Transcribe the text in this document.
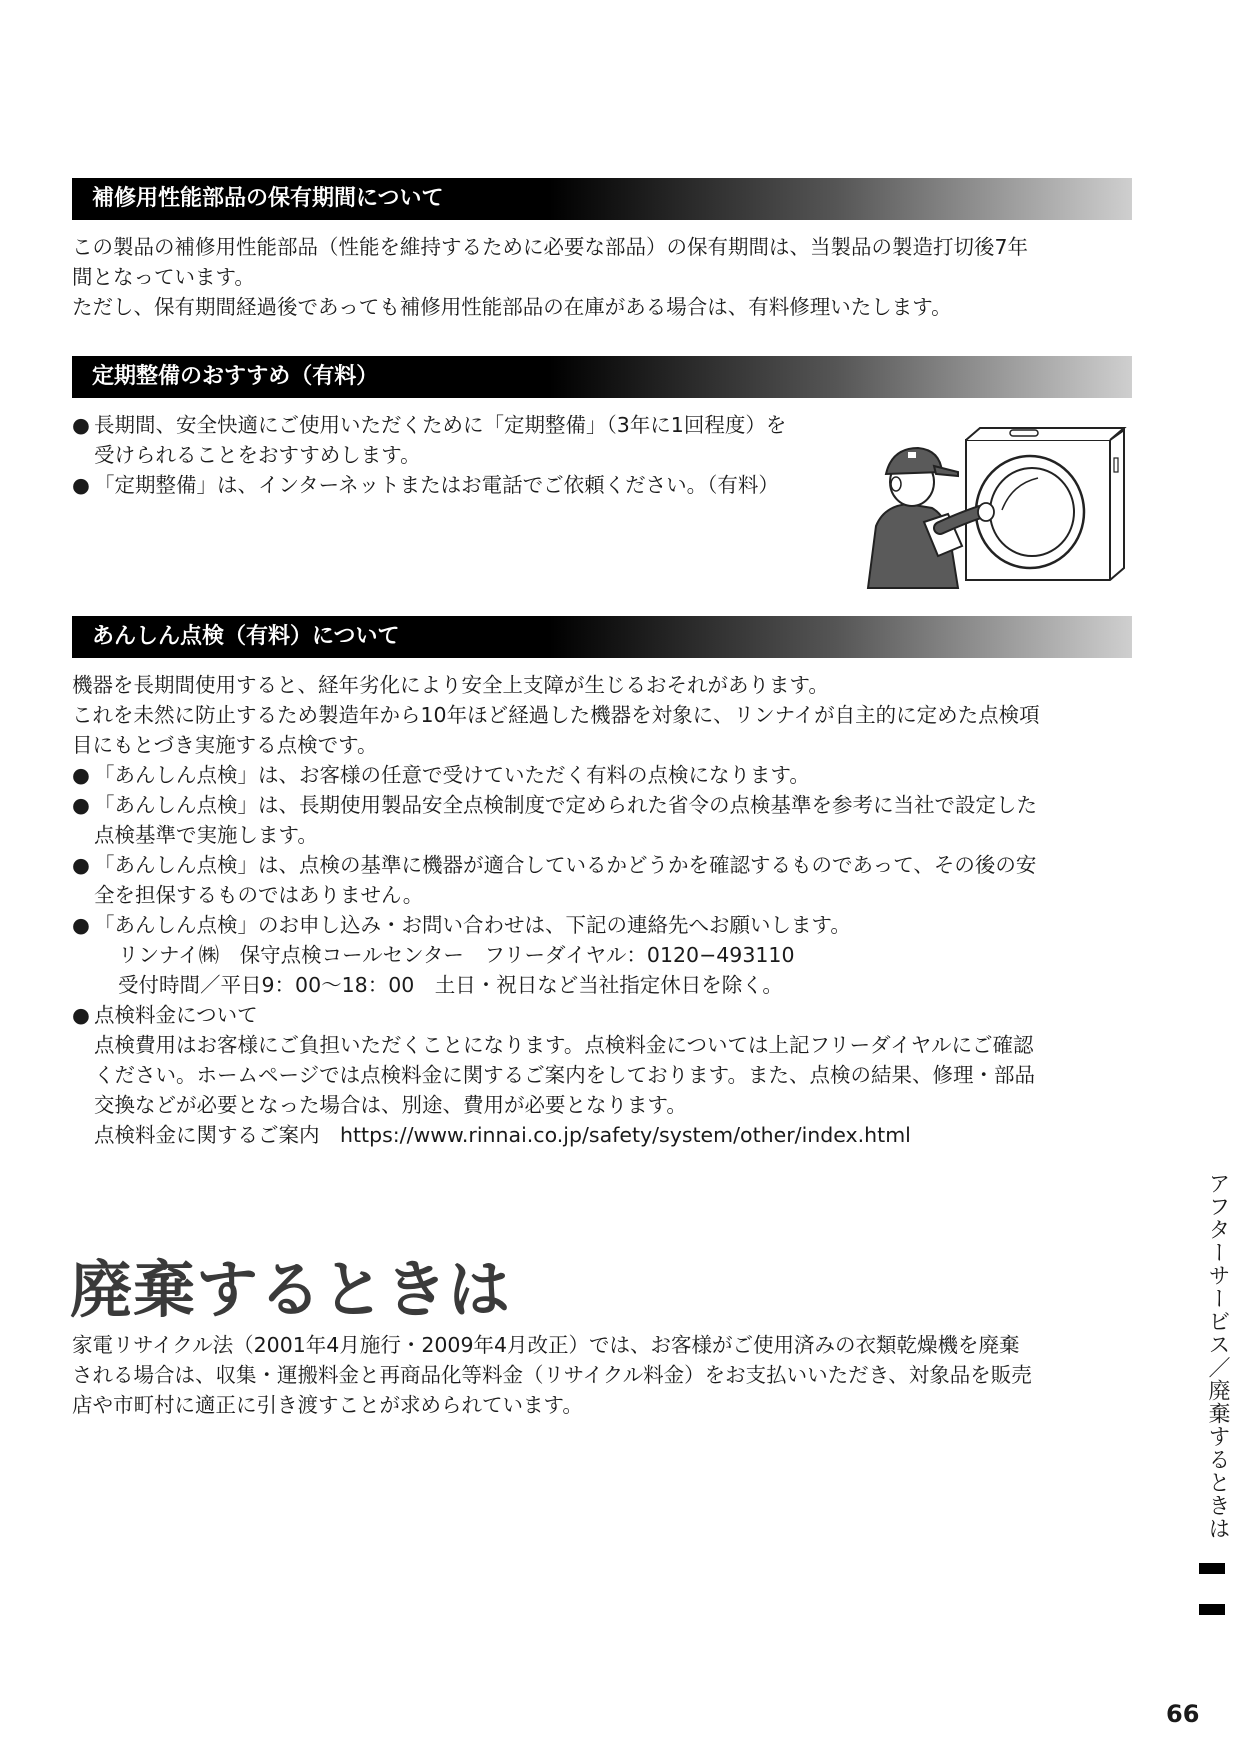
補修用性能部品の保有期間について

この製品の補修用性能部品（性能を維持するために必要な部品）の保有期間は、当製品の製造打切後7年

間となっています。

ただし、保有期間経過後であっても補修用性能部品の在庫がある場合は、有料修理いたします。

定期整備のおすすめ（有料）
● 長期間、安全快適にご使用いただくために「定期整備」（3年に1回程度）を

受けられることをおすすめします。

● 「定期整備」は、インターネットまたはお電話でご依頼ください。（有料）

あんしん点検（有料）について

機器を長期間使用すると、経年劣化により安全上支障が生じるおそれがあります。

これを未然に防止するため製造年から10年ほど経過した機器を対象に、リンナイが自主的に定めた点検項

目にもとづき実施する点検です。

● 「あんしん点検」は、お客様の任意で受けていただく有料の点検になります。

● 「あんしん点検」は、長期使用製品安全点検制度で定められた省令の点検基準を参考に当社で設定した

点検基準で実施します。

● 「あんしん点検」は、点検の基準に機器が適合しているかどうかを確認するものであって、その後の安

全を担保するものではありません。

● 「あんしん点検」のお申し込み・お問い合わせは、下記の連絡先へお願いします。

リンナイ㈱　保守点検コールセンター　フリーダイヤル：0120−493110

受付時間／平日9：00〜18：00　土日・祝日など当社指定休日を除く。

● 点検料金について

点検費用はお客様にご負担いただくことになります。点検料金については上記フリーダイヤルにご確認

ください。ホームページでは点検料金に関するご案内をしております。また、点検の結果、修理・部品

交換などが必要となった場合は、別途、費用が必要となります。

点検料金に関するご案内　https://www.rinnai.co.jp/safety/system/other/index.html

廃棄するときは

家電リサイクル法（2001年4月施行・2009年4月改正）では、お客様がご使用済みの衣類乾燥機を廃棄

される場合は、収集・運搬料金と再商品化等料金（リサイクル料金）をお支払いいただき、対象品を販売

店や市町村に適正に引き渡すことが求められています。	アフターサービス／廃棄するときは
66
